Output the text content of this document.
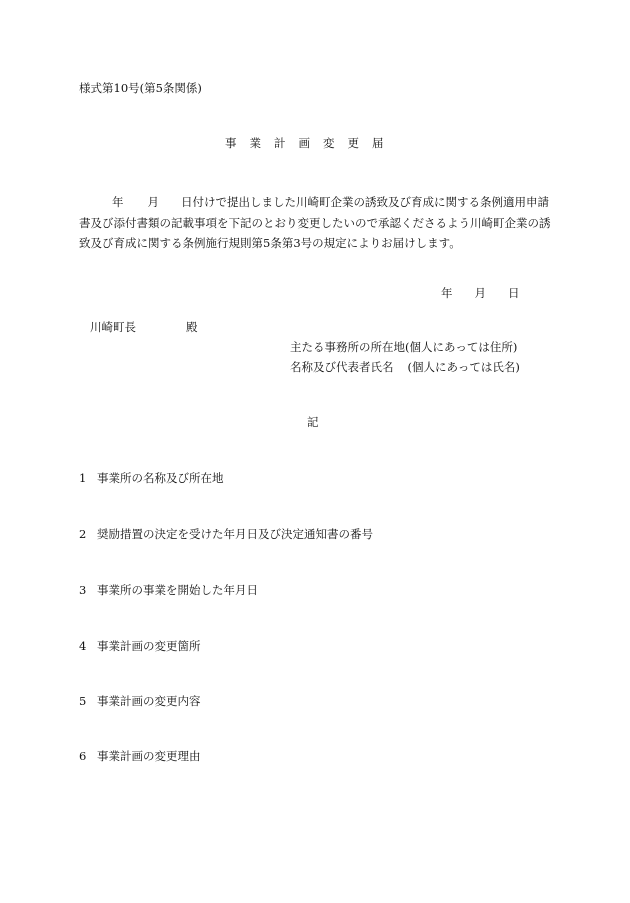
様式第10号(第5条関係)
事業計画変更届
年 月 日付けで提出しました川崎町企業の誘致及び育成に関する条例適用申請書及び添付書類の記載事項を下記のとおり変更したいので承認くださるよう川崎町企業の誘致及び育成に関する条例施行規則第5条第3号の規定によりお届けします。
年 月 日
川崎町長	殿
主たる事務所の所在地(個人にあっては住所)
名称及び代表者氏名 (個人にあっては氏名)
記
1 事業所の名称及び所在地
2 奨励措置の決定を受けた年月日及び決定通知書の番号
3 事業所の事業を開始した年月日
4 事業計画の変更箇所
5 事業計画の変更内容
6 事業計画の変更理由
